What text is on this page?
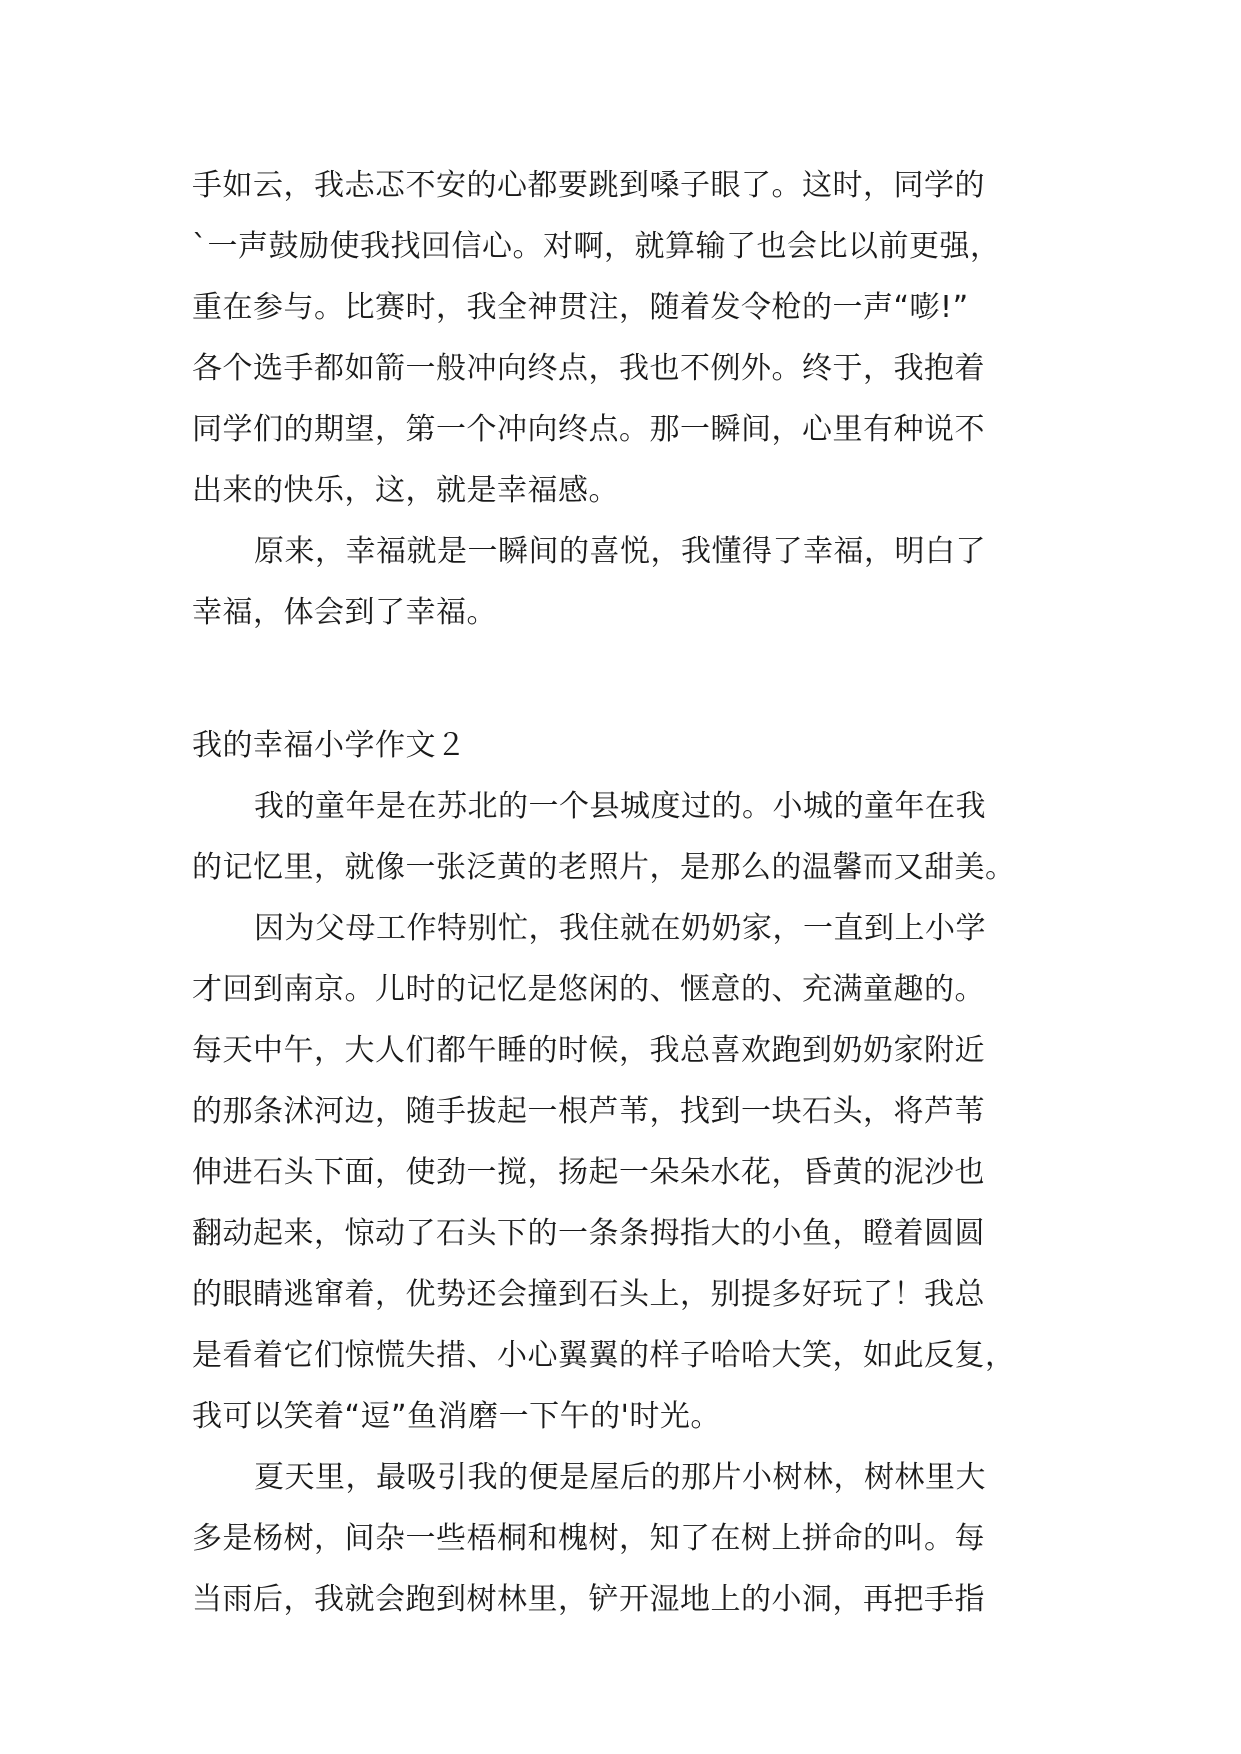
手如云，我忐忑不安的心都要跳到嗓子眼了。这时，同学的
`一声鼓励使我找回信心。对啊，就算输了也会比以前更强，
重在参与。比赛时，我全神贯注，随着发令枪的一声“嘭!”
各个选手都如箭一般冲向终点，我也不例外。终于，我抱着
同学们的期望，第一个冲向终点。那一瞬间，心里有种说不
出来的快乐，这，就是幸福感。
原来，幸福就是一瞬间的喜悦，我懂得了幸福，明白了
幸福，体会到了幸福。
我的幸福小学作文２
我的童年是在苏北的一个县城度过的。小城的童年在我
的记忆里，就像一张泛黄的老照片，是那么的温馨而又甜美。
因为父母工作特别忙，我住就在奶奶家，一直到上小学
才回到南京。儿时的记忆是悠闲的、惬意的、充满童趣的。
每天中午，大人们都午睡的时候，我总喜欢跑到奶奶家附近
的那条沭河边，随手拔起一根芦苇，找到一块石头，将芦苇
伸进石头下面，使劲一搅，扬起一朵朵水花，昏黄的泥沙也
翻动起来，惊动了石头下的一条条拇指大的小鱼，瞪着圆圆
的眼睛逃窜着，优势还会撞到石头上，别提多好玩了！我总
是看着它们惊慌失措、小心翼翼的样子哈哈大笑，如此反复，
我可以笑着“逗”鱼消磨一下午的'时光。
夏天里，最吸引我的便是屋后的那片小树林，树林里大
多是杨树，间杂一些梧桐和槐树，知了在树上拼命的叫。每
当雨后，我就会跑到树林里，铲开湿地上的小洞，再把手指
